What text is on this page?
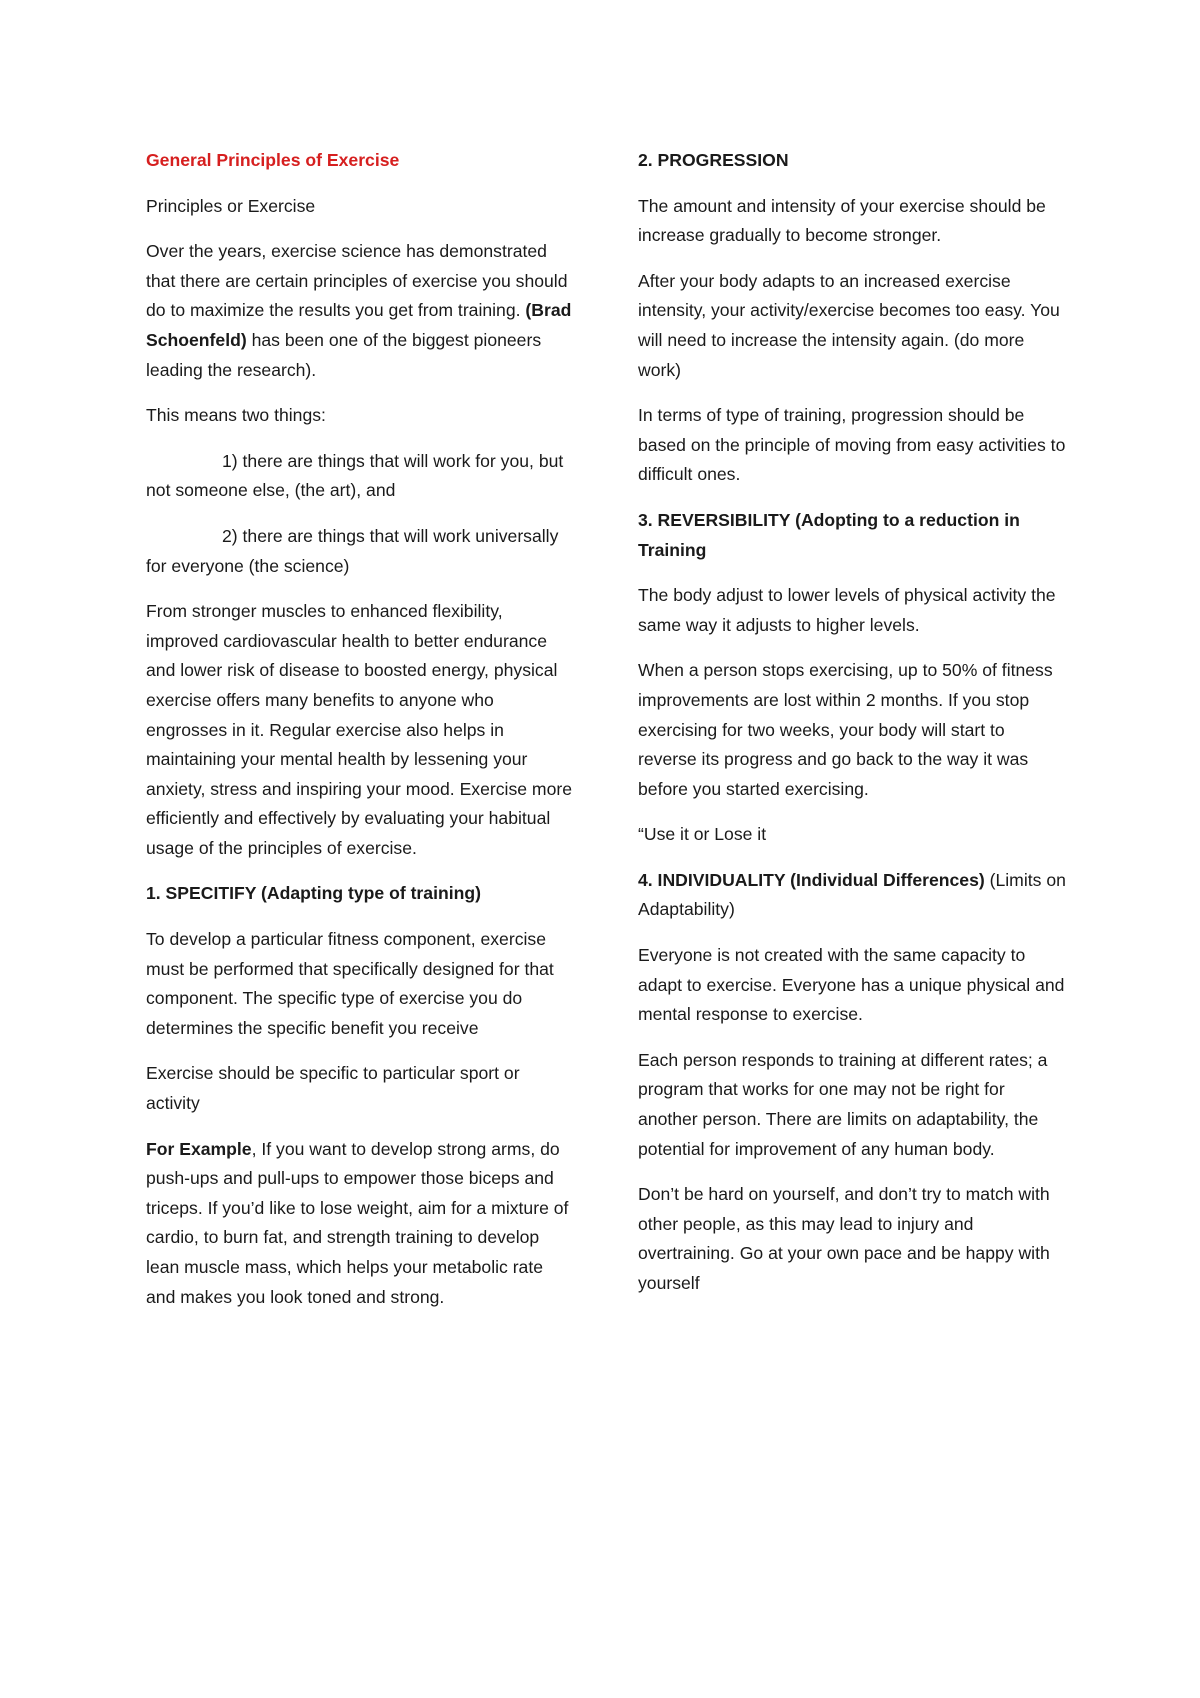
General Principles of Exercise

Principles or Exercise

Over the years, exercise science has demonstrated that there are certain principles of exercise you should do to maximize the results you get from training. (Brad Schoenfeld) has been one of the biggest pioneers leading the research).

This means two things:

1) there are things that will work for you, but not someone else, (the art), and

2) there are things that will work universally for everyone (the science)

From stronger muscles to enhanced flexibility, improved cardiovascular health to better endurance and lower risk of disease to boosted energy, physical exercise offers many benefits to anyone who engrosses in it. Regular exercise also helps in maintaining your mental health by lessening your anxiety, stress and inspiring your mood. Exercise more efficiently and effectively by evaluating your habitual usage of the principles of exercise.

1. SPECITIFY (Adapting type of training)

To develop a particular fitness component, exercise must be performed that specifically designed for that component. The specific type of exercise you do determines the specific benefit you receive

Exercise should be specific to particular sport or activity

For Example, If you want to develop strong arms, do push-ups and pull-ups to empower those biceps and triceps. If you’d like to lose weight, aim for a mixture of cardio, to burn fat, and strength training to develop lean muscle mass, which helps your metabolic rate and makes you look toned and strong.

2. PROGRESSION

The amount and intensity of your exercise should be increase gradually to become stronger.

After your body adapts to an increased exercise intensity, your activity/exercise becomes too easy. You will need to increase the intensity again. (do more work)

In terms of type of training, progression should be based on the principle of moving from easy activities to difficult ones.

3. REVERSIBILITY (Adopting to a reduction in Training

The body adjust to lower levels of physical activity the same way it adjusts to higher levels.

When a person stops exercising, up to 50% of fitness improvements are lost within 2 months. If you stop exercising for two weeks, your body will start to reverse its progress and go back to the way it was before you started exercising.

“Use it or Lose it

4. INDIVIDUALITY (Individual Differences) (Limits on Adaptability)

Everyone is not created with the same capacity to adapt to exercise. Everyone has a unique physical and mental response to exercise.

Each person responds to training at different rates; a program that works for one may not be right for another person. There are limits on adaptability, the potential for improvement of any human body.

Don’t be hard on yourself, and don’t try to match with other people, as this may lead to injury and overtraining. Go at your own pace and be happy with yourself
